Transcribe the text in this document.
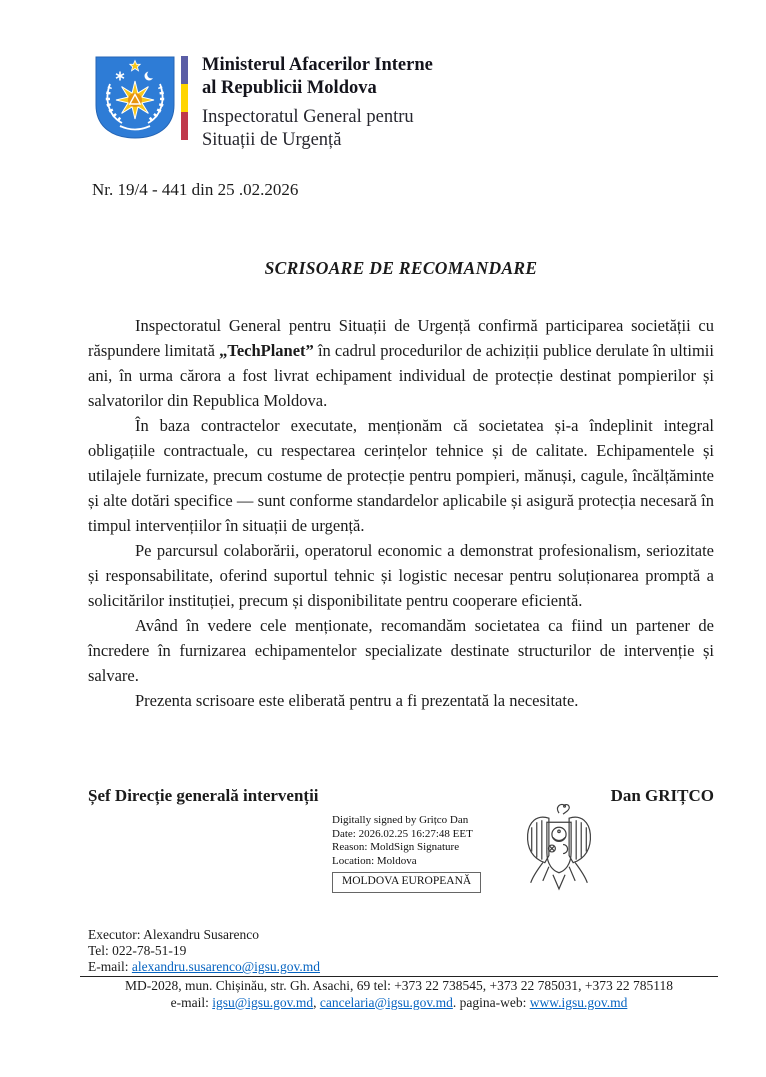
Ministerul Afacerilor Interne
al Republicii Moldova
Inspectoratul General pentru
Situații de Urgență
Nr. 19/4 - 441 din 25 .02.2026
SCRISOARE DE RECOMANDARE

Inspectoratul General pentru Situații de Urgență confirmă participarea societății cu răspundere limitată „TechPlanet” în cadrul procedurilor de achiziții publice derulate în ultimii ani, în urma cărora a fost livrat echipament individual de protecție destinat pompierilor și salvatorilor din Republica Moldova.

În baza contractelor executate, menționăm că societatea și-a îndeplinit integral obligațiile contractuale, cu respectarea cerințelor tehnice și de calitate. Echipamentele și utilajele furnizate, precum costume de protecție pentru pompieri, mănuși, cagule, încălțăminte și alte dotări specifice — sunt conforme standardelor aplicabile și asigură protecția necesară în timpul intervențiilor în situații de urgență.

Pe parcursul colaborării, operatorul economic a demonstrat profesionalism, seriozitate și responsabilitate, oferind suportul tehnic și logistic necesar pentru soluționarea promptă a solicitărilor instituției, precum și disponibilitate pentru cooperare eficientă.

Având în vedere cele menționate, recomandăm societatea ca fiind un partener de încredere în furnizarea echipamentelor specializate destinate structurilor de intervenție și salvare.

Prezenta scrisoare este eliberată pentru a fi prezentată la necesitate.

Șef Direcție generală intervenții	Dan GRIȚCO
Digitally signed by Grițco Dan
Date: 2026.02.25 16:27:48 EET
Reason: MoldSign Signature
Location: Moldova
MOLDOVA EUROPEANĂ
Executor: Alexandru Susarenco
Tel: 022-78-51-19
E-mail: alexandru.susarenco@igsu.gov.md
MD-2028, mun. Chișinău, str. Gh. Asachi, 69 tel: +373 22 738545, +373 22 785031, +373 22 785118
e-mail: igsu@igsu.gov.md, cancelaria@igsu.gov.md. pagina-web: www.igsu.gov.md
